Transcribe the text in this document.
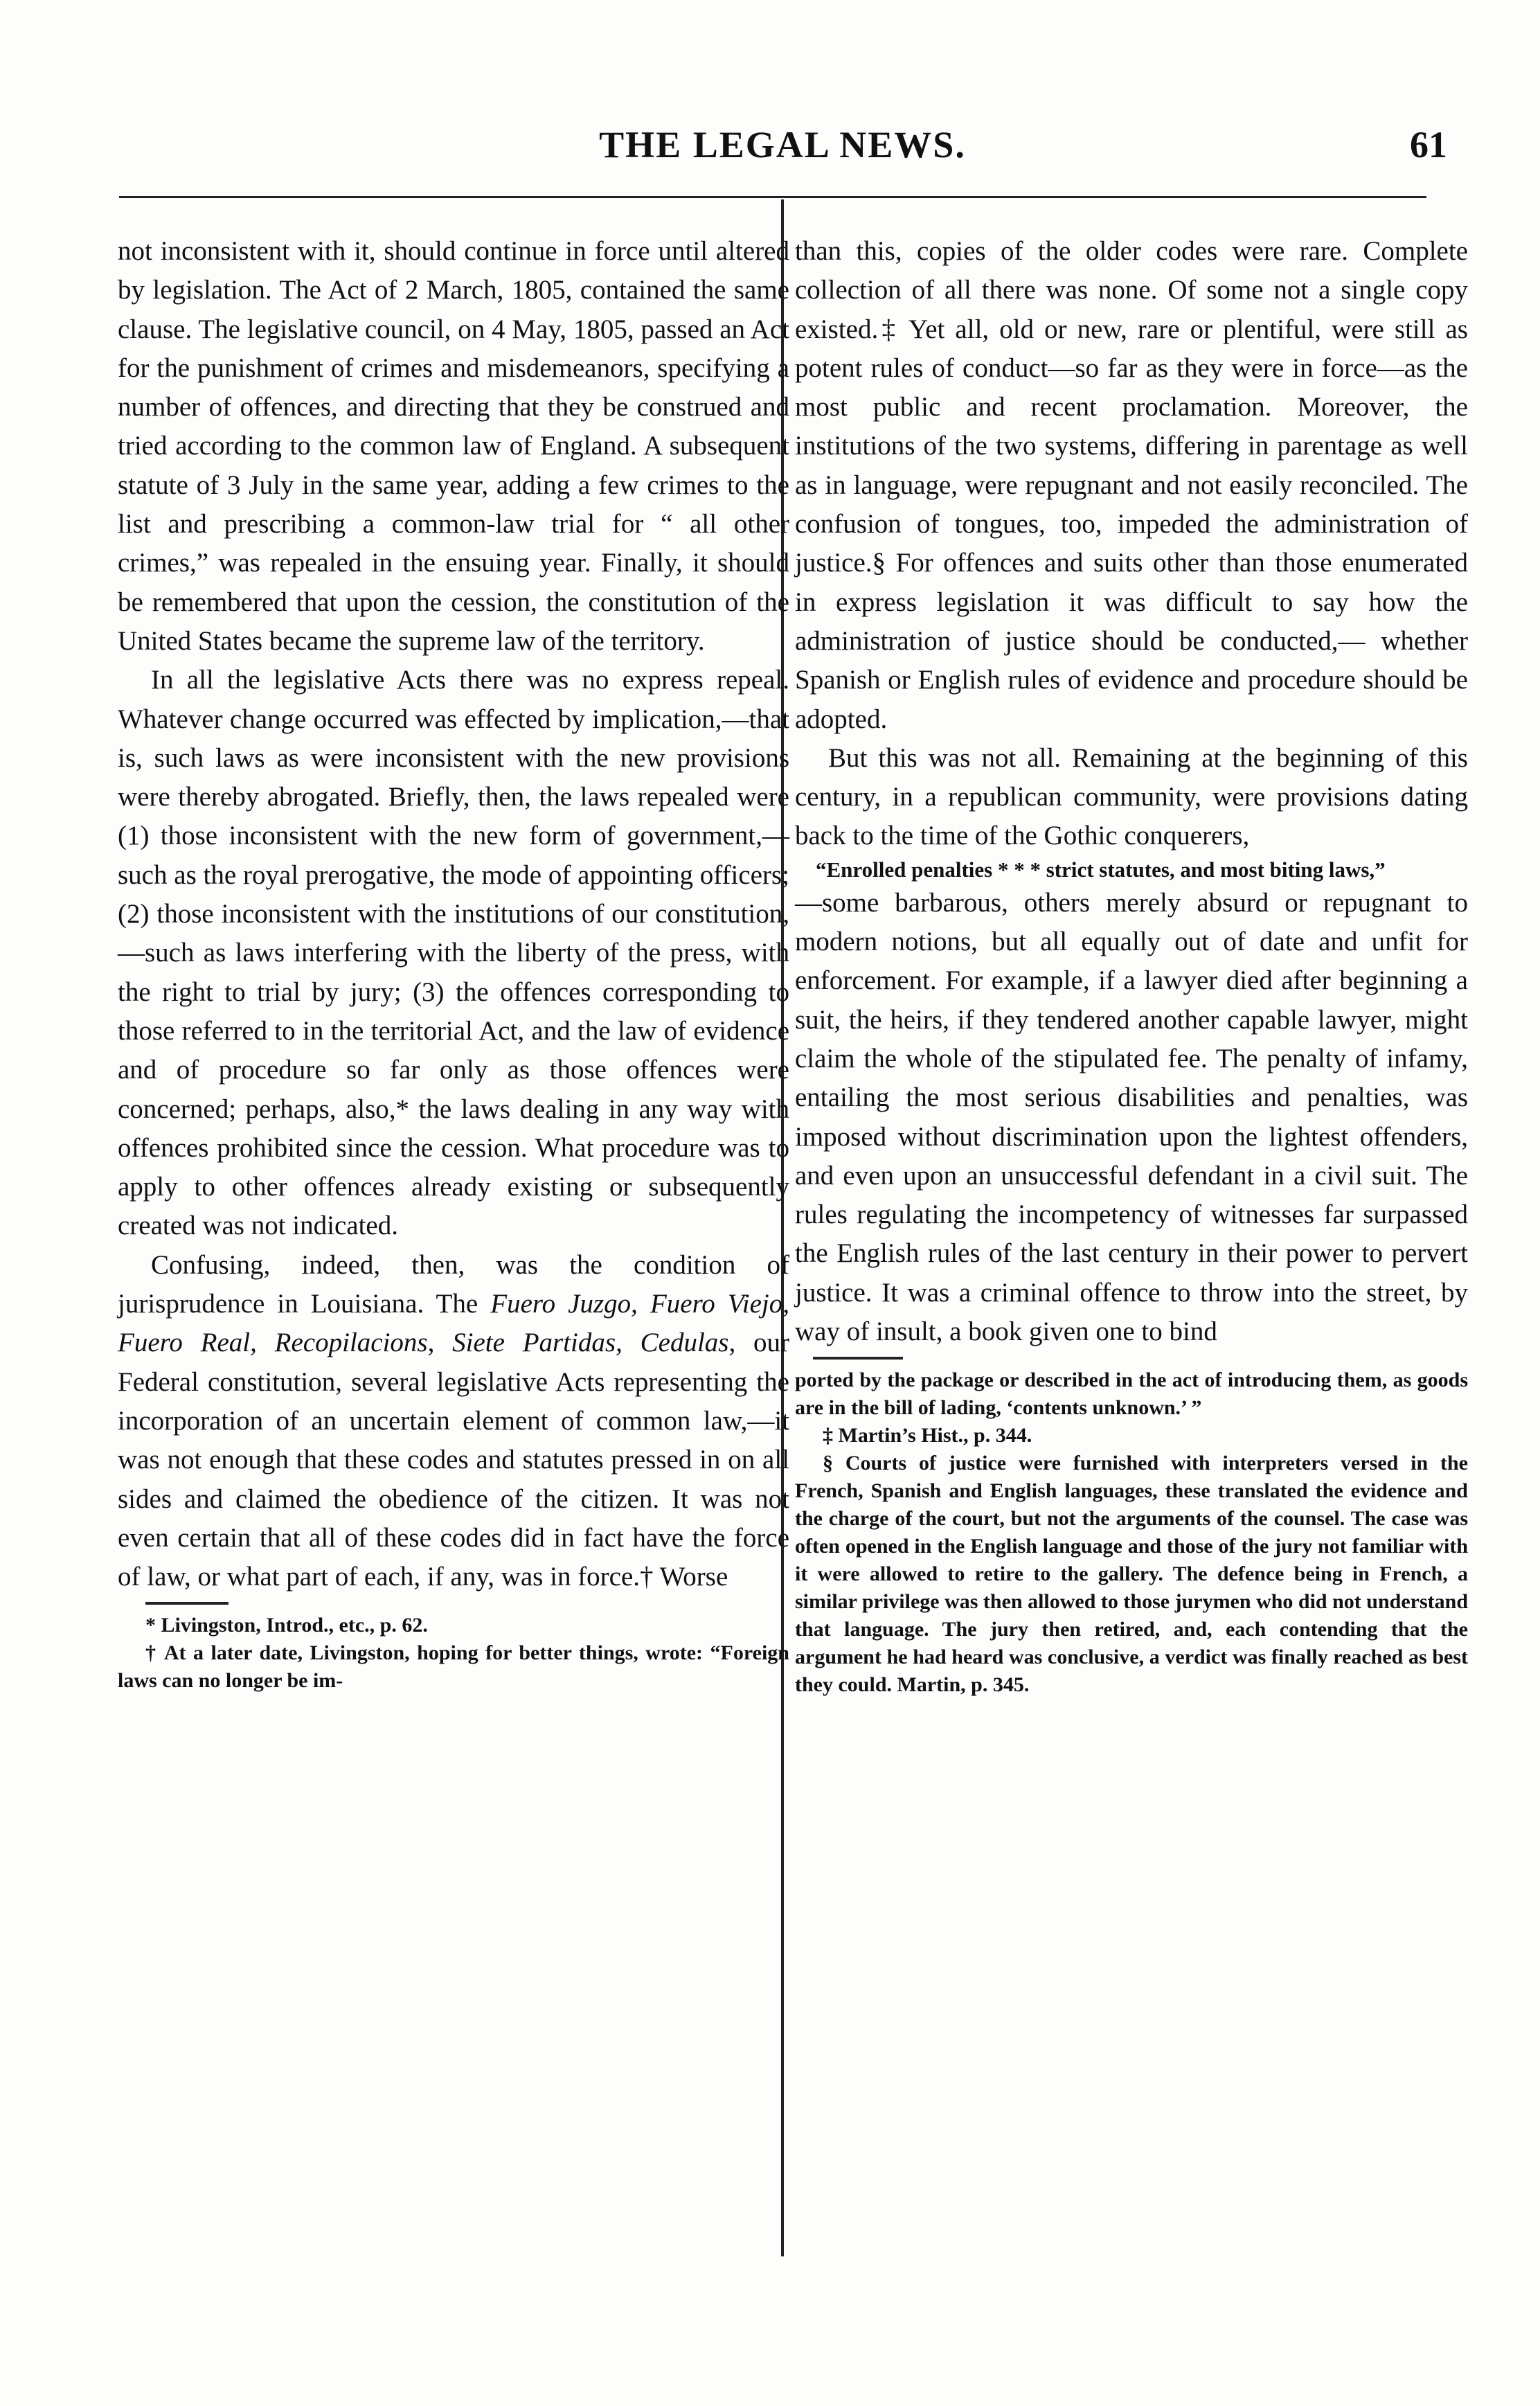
THE LEGAL NEWS.	61

not inconsistent with it, should continue in force until altered by legislation. The Act of 2 March, 1805, contained the same clause. The legislative council, on 4 May, 1805, passed an Act for the punishment of crimes and misdemeanors, specifying a number of offences, and directing that they be construed and tried according to the common law of England. A subsequent statute of 3 July in the same year, adding a few crimes to the list and prescribing a common-law trial for “ all other crimes,” was repealed in the ensuing year. Finally, it should be remembered that upon the cession, the constitution of the United States became the supreme law of the territory.

In all the legislative Acts there was no express repeal. Whatever change occurred was effected by implication,—that is, such laws as were inconsistent with the new provisions were thereby abrogated. Briefly, then, the laws repealed were (1) those inconsistent with the new form of government,—such as the royal prerogative, the mode of appointing officers; (2) those inconsistent with the institutions of our constitution,—such as laws interfering with the liberty of the press, with the right to trial by jury; (3) the offences corresponding to those referred to in the territorial Act, and the law of evidence and of procedure so far only as those offences were concerned; perhaps, also,* the laws dealing in any way with offences prohibited since the cession. What procedure was to apply to other offences already existing or subsequently created was not indicated.

Confusing, indeed, then, was the condition of jurisprudence in Louisiana. The Fuero Juzgo, Fuero Viejo, Fuero Real, Recopilacions, Siete Partidas, Cedulas, our Federal constitution, several legislative Acts representing the incorporation of an uncertain element of common law,—it was not enough that these codes and statutes pressed in on all sides and claimed the obedience of the citizen. It was not even certain that all of these codes did in fact have the force of law, or what part of each, if any, was in force.† Worse

* Livingston, Introd., etc., p. 62.

† At a later date, Livingston, hoping for better things, wrote: “Foreign laws can no longer be im-

than this, copies of the older codes were rare. Complete collection of all there was none. Of some not a single copy existed.‡ Yet all, old or new, rare or plentiful, were still as potent rules of conduct—so far as they were in force—as the most public and recent proclamation. Moreover, the institutions of the two systems, differing in parentage as well as in language, were repugnant and not easily reconciled. The confusion of tongues, too, impeded the administration of justice.§ For offences and suits other than those enumerated in express legislation it was difficult to say how the administration of justice should be conducted,— whether Spanish or English rules of evidence and procedure should be adopted.

But this was not all. Remaining at the beginning of this century, in a republican community, were provisions dating back to the time of the Gothic conquerers,

“Enrolled penalties * * * strict statutes, and most biting laws,”

—some barbarous, others merely absurd or repugnant to modern notions, but all equally out of date and unfit for enforcement. For example, if a lawyer died after beginning a suit, the heirs, if they tendered another capable lawyer, might claim the whole of the stipulated fee. The penalty of infamy, entailing the most serious disabilities and penalties, was imposed without discrimination upon the lightest offenders, and even upon an unsuccessful defendant in a civil suit. The rules regulating the incompetency of witnesses far surpassed the English rules of the last century in their power to pervert justice. It was a criminal offence to throw into the street, by way of insult, a book given one to bind

ported by the package or described in the act of introducing them, as goods are in the bill of lading, ‘contents unknown.’ ”

‡ Martin’s Hist., p. 344.

§ Courts of justice were furnished with interpreters versed in the French, Spanish and English languages, these translated the evidence and the charge of the court, but not the arguments of the counsel. The case was often opened in the English language and those of the jury not familiar with it were allowed to retire to the gallery. The defence being in French, a similar privilege was then allowed to those jurymen who did not understand that language. The jury then retired, and, each contending that the argument he had heard was conclusive, a verdict was finally reached as best they could. Martin, p. 345.
